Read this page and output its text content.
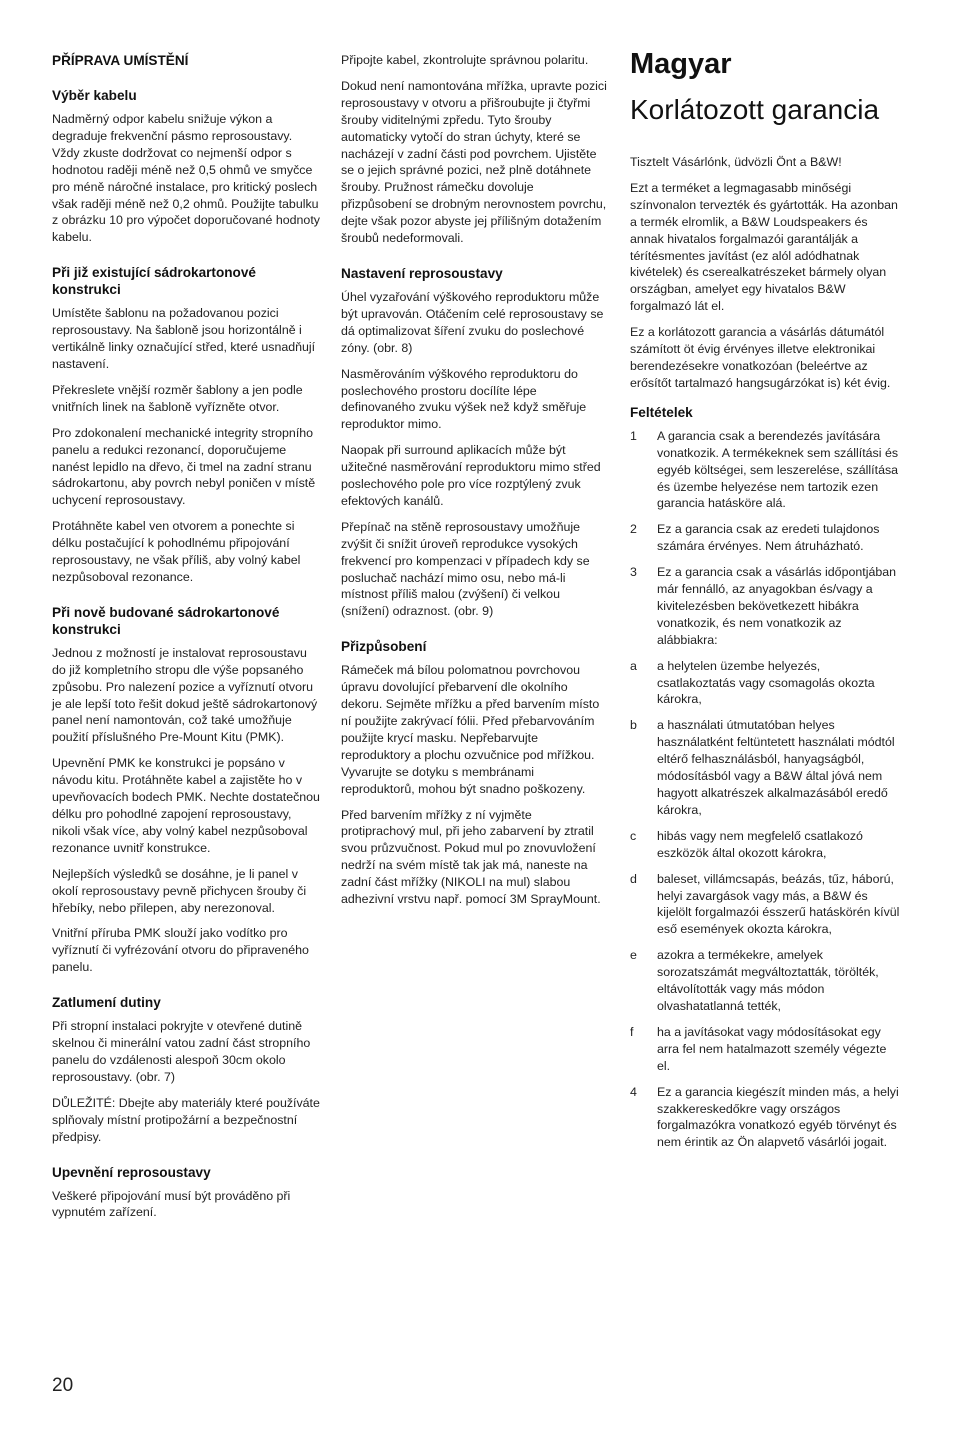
PŘÍPRAVA UMÍSTĚNÍ
Výběr kabelu

Nadměrný odpor kabelu snižuje výkon a degraduje frekvenční pásmo reprosoustavy. Vždy zkuste dodržovat co nejmenší odpor s hodnotou raději méně než 0,5 ohmů ve smyčce pro méně náročné instalace, pro kritický poslech však raději méně než 0,2 ohmů. Použijte tabulku z obrázku 10 pro výpočet doporučované hodnoty kabelu.

Při již existující sádrokartonové konstrukci

Umístěte šablonu na požadovanou pozici reprosoustavy. Na šabloně jsou horizontálně i vertikálně linky označující střed, které usnadňují nastavení.

Překreslete vnější rozměr šablony a jen podle vnitřních linek na šabloně vyřízněte otvor.

Pro zdokonalení mechanické integrity stropního panelu a redukci rezonancí, doporučujeme nanést lepidlo na dřevo, či tmel na zadní stranu sádrokartonu, aby povrch nebyl poničen v místě uchycení reprosoustavy.

Protáhněte kabel ven otvorem a ponechte si délku postačující k pohodlnému připojování reprosoustavy, ne však příliš, aby volný kabel nezpůsoboval rezonance.

Při nově budované sádrokartonové konstrukci

Jednou z možností je instalovat reprosoustavu do již kompletního stropu dle výše popsaného způsobu. Pro nalezení pozice a vyříznutí otvoru je ale lepší toto řešit dokud ještě sádrokartonový panel není namontován, což také umožňuje použití příslušného Pre-Mount Kitu (PMK).

Upevnění PMK ke konstrukci je popsáno v návodu kitu. Protáhněte kabel a zajistěte ho v upevňovacích bodech PMK. Nechte dostatečnou délku pro pohodlné zapojení reprosoustavy, nikoli však více, aby volný kabel nezpůsoboval rezonance uvnitř konstrukce.

Nejlepších výsledků se dosáhne, je li panel v okolí reprosoustavy pevně přichycen šrouby či hřebíky, nebo přilepen, aby nerezonoval.

Vnitřní příruba PMK slouží jako vodítko pro vyříznutí či vyfrézování otvoru do připraveného panelu.

Zatlumení dutiny

Při stropní instalaci pokryjte v otevřené dutině skelnou či minerální vatou zadní část stropního panelu do vzdálenosti alespoň 30cm okolo reprosoustavy. (obr. 7)

DŮLEŽITÉ: Dbejte aby materiály které používáte splňovaly místní protipožární a bezpečnostní předpisy.

Upevnění reprosoustavy

Veškeré připojování musí být prováděno při vypnutém zařízení.

Připojte kabel, zkontrolujte správnou polaritu.

Dokud není namontována mřížka, upravte pozici reprosoustavy v otvoru a přišroubujte ji čtyřmi šrouby viditelnými zpředu. Tyto šrouby automaticky vytočí do stran úchyty, které se nacházejí v zadní části pod povrchem. Ujistěte se o jejich správné pozici, než plně dotáhnete šrouby. Pružnost rámečku dovoluje přizpůsobení se drobným nerovnostem povrchu, dejte však pozor abyste jej přílišným dotažením šroubů nedeformovali.

Nastavení reprosoustavy

Úhel vyzařování výškového reproduktoru může být upravován. Otáčením celé reprosoustavy se dá optimalizovat šíření zvuku do poslechové zóny. (obr. 8)

Nasměrováním výškového reproduktoru do poslechového prostoru docílíte lépe definovaného zvuku výšek než když směřuje reproduktor mimo.

Naopak při surround aplikacích může být užitečné nasměrování reproduktoru mimo střed poslechového pole pro více rozptýlený zvuk efektových kanálů.

Přepínač na stěně reprosoustavy umožňuje zvýšit či snížit úroveň reprodukce vysokých frekvencí pro kompenzaci v případech kdy se posluchač nachází mimo osu, nebo má-li místnost příliš malou (zvýšení) či velkou (snížení) odraznost. (obr. 9)

Přizpůsobení

Rámeček má bílou polomatnou povrchovou úpravu dovolující přebarvení dle okolního dekoru. Sejměte mřížku a před barvením místo ní použijte zakrývací fólii. Před přebarvováním použijte krycí masku. Nepřebarvujte reproduktory a plochu ozvučnice pod mřížkou. Vyvarujte se dotyku s membránami reproduktorů, mohou být snadno poškozeny.

Před barvením mřížky z ní vyjměte protiprachový mul, při jeho zabarvení by ztratil svou průzvučnost. Pokud mul po znovuvložení nedrží na svém místě tak jak má, naneste na zadní část mřížky (NIKOLI na mul) slabou adhezivní vrstvu např. pomocí 3M SprayMount.

Magyar
Korlátozott garancia

Tisztelt Vásárlónk, üdvözli Önt a B&W!

Ezt a terméket a legmagasabb minőségi színvonalon tervezték és gyártották. Ha azonban a termék elromlik, a B&W Loudspeakers és annak hivatalos forgalmazói garantálják a térítésmentes javítást (ez alól adódhatnak kivételek) és cserealkatrészeket bármely olyan országban, amelyet egy hivatalos B&W forgalmazó lát el.

Ez a korlátozott garancia a vásárlás dátumától számított öt évig érvényes illetve elektronikai berendezésekre vonatkozóan (beleértve az erősítőt tartalmazó hangsugárzókat is) két évig.

Feltételek
1	A garancia csak a berendezés javítására vonatkozik. A termékeknek sem szállítási és egyéb költségei, sem leszerelése, szállítása és üzembe helyezése nem tartozik ezen garancia hatásköre alá.
2	Ez a garancia csak az eredeti tulajdonos számára érvényes. Nem átruházható.
3	Ez a garancia csak a vásárlás időpontjában már fennálló, az anyagokban és/vagy a kivitelezésben bekövetkezett hibákra vonatkozik, és nem vonatkozik az alábbiakra:
a	a helytelen üzembe helyezés, csatlakoztatás vagy csomagolás okozta károkra,
b	a használati útmutatóban helyes használatként feltüntetett használati módtól eltérő felhasználásból, hanyagságból, módosításból vagy a B&W által jóvá nem hagyott alkatrészek alkalmazásából eredő károkra,
c	hibás vagy nem megfelelő csatlakozó eszközök által okozott károkra,
d	baleset, villámcsapás, beázás, tűz, háború, helyi zavargások vagy más, a B&W és kijelölt forgalmazói ésszerű hatáskörén kívül eső események okozta károkra,
e	azokra a termékekre, amelyek sorozatszámát megváltoztatták, törölték, eltávolították vagy más módon olvashatatlanná tették,
f	ha a javításokat vagy módosításokat egy arra fel nem hatalmazott személy végezte el.
4	Ez a garancia kiegészít minden más, a helyi szakkereskedőkre vagy országos forgalmazókra vonatkozó egyéb törvényt és nem érintik az Ön alapvető vásárlói jogait.
20
